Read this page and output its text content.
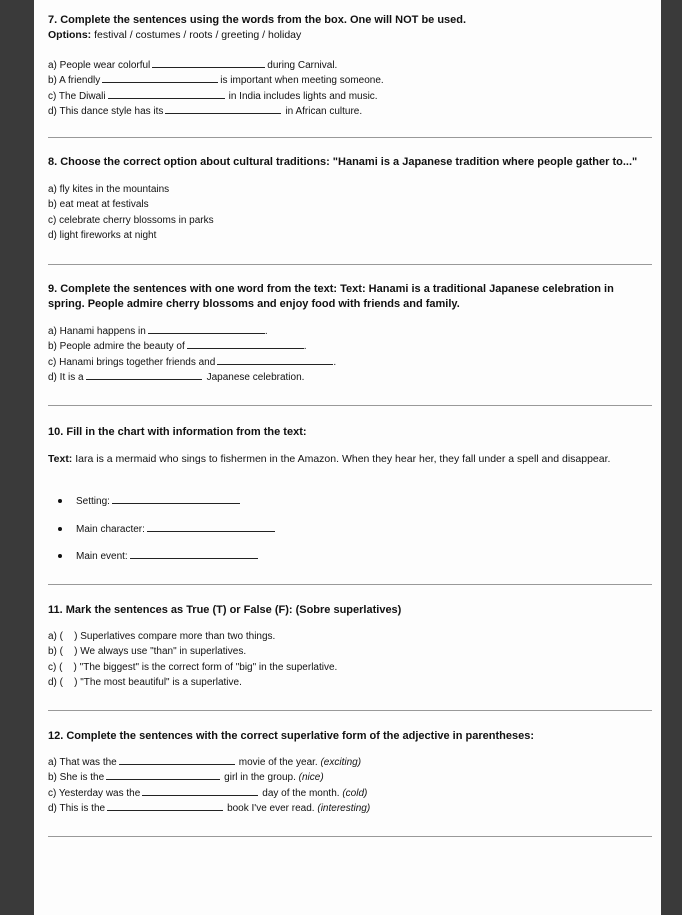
7. Complete the sentences using the words from the box. One will NOT be used.

Options: festival / costumes / roots / greeting / holiday

a) People wear colorful	during Carnival.
b) A friendly	is important when meeting someone.
c) The Diwali	in India includes lights and music.
d) This dance style has its	in African culture.

8. Choose the correct option about cultural traditions: "Hanami is a Japanese tradition where people gather to..."

a) fly kites in the mountains
b) eat meat at festivals
c) celebrate cherry blossoms in parks
d) light fireworks at night

9. Complete the sentences with one word from the text: Text: Hanami is a traditional Japanese celebration in spring. People admire cherry blossoms and enjoy food with friends and family.

a) Hanami happens in	.
b) People admire the beauty of	.
c) Hanami brings together friends and	.
d) It is a	Japanese celebration.

10. Fill in the chart with information from the text:

Text: Iara is a mermaid who sings to fishermen in the Amazon. When they hear her, they fall under a spell and disappear.
Setting:
Main character:
Main event:

11. Mark the sentences as True (T) or False (F): (Sobre superlatives)

a) (    ) Superlatives compare more than two things.
b) (    ) We always use "than" in superlatives.
c) (    ) "The biggest" is the correct form of "big" in the superlative.
d) (    ) "The most beautiful" is a superlative.

12. Complete the sentences with the correct superlative form of the adjective in parentheses:

a) That was the	movie of the year. (exciting)
b) She is the	girl in the group. (nice)
c) Yesterday was the	day of the month. (cold)
d) This is the	book I've ever read. (interesting)
